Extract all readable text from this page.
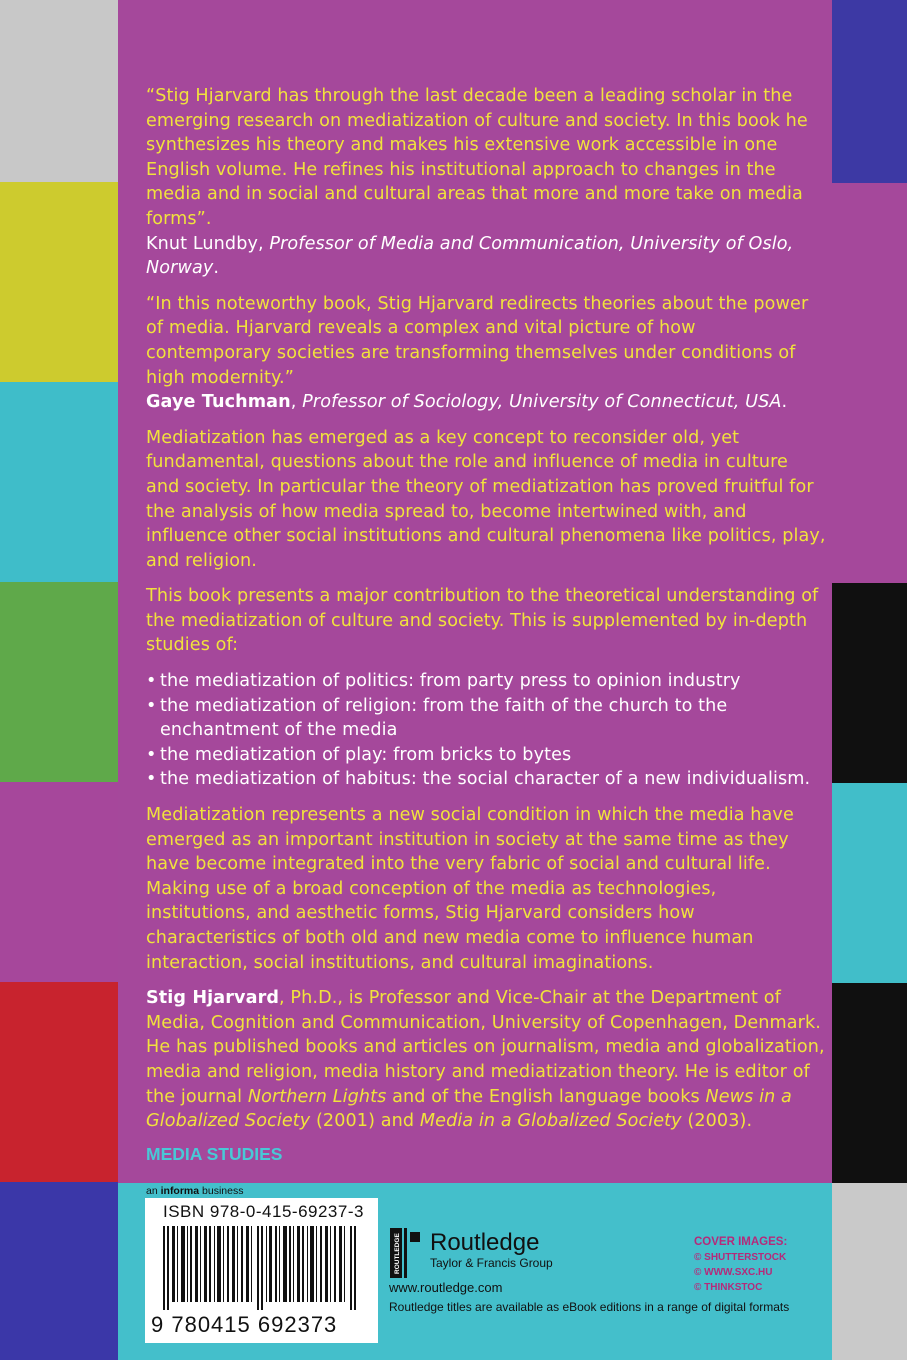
“Stig Hjarvard has through the last decade been a leading scholar in the emerging research on mediatization of culture and society. In this book he synthesizes his theory and makes his extensive work accessible in one English volume. He refines his institutional approach to changes in the media and in social and cultural areas that more and more take on media forms”.
Knut Lundby, Professor of Media and Communication, University of Oslo, Norway.

“In this noteworthy book, Stig Hjarvard redirects theories about the power of media. Hjarvard reveals a complex and vital picture of how contemporary societies are transforming themselves under conditions of high modernity.”
Gaye Tuchman, Professor of Sociology, University of Connecticut, USA.

Mediatization has emerged as a key concept to reconsider old, yet fundamental, questions about the role and influence of media in culture and society. In particular the theory of mediatization has proved fruitful for the analysis of how media spread to, become intertwined with, and influence other social institutions and cultural phenomena like politics, play, and religion.

This book presents a major contribution to the theoretical understanding of the mediatization of culture and society. This is supplemented by in-depth studies of:

• the mediatization of politics: from party press to opinion industry
• the mediatization of religion: from the faith of the church to the enchantment of the media
• the mediatization of play: from bricks to bytes
• the mediatization of habitus: the social character of a new individualism.

Mediatization represents a new social condition in which the media have emerged as an important institution in society at the same time as they have become integrated into the very fabric of social and cultural life. Making use of a broad conception of the media as technologies, institutions, and aesthetic forms, Stig Hjarvard considers how characteristics of both old and new media come to influence human interaction, social institutions, and cultural imaginations.

Stig Hjarvard, Ph.D., is Professor and Vice-Chair at the Department of Media, Cognition and Communication, University of Copenhagen, Denmark. He has published books and articles on journalism, media and globalization, media and religion, media history and mediatization theory. He is editor of the journal Northern Lights and of the English language books News in a Globalized Society (2001) and Media in a Globalized Society (2003).

MEDIA STUDIES
an informa business
ISBN 978-0-415-69237-3
9 780415 692373
ROUTLEDGE Routledge
Taylor & Francis Group
www.routledge.com
Routledge titles are available as eBook editions in a range of digital formats
COVER IMAGES:
© SHUTTERSTOCK
© WWW.SXC.HU
© THINKSTOC
